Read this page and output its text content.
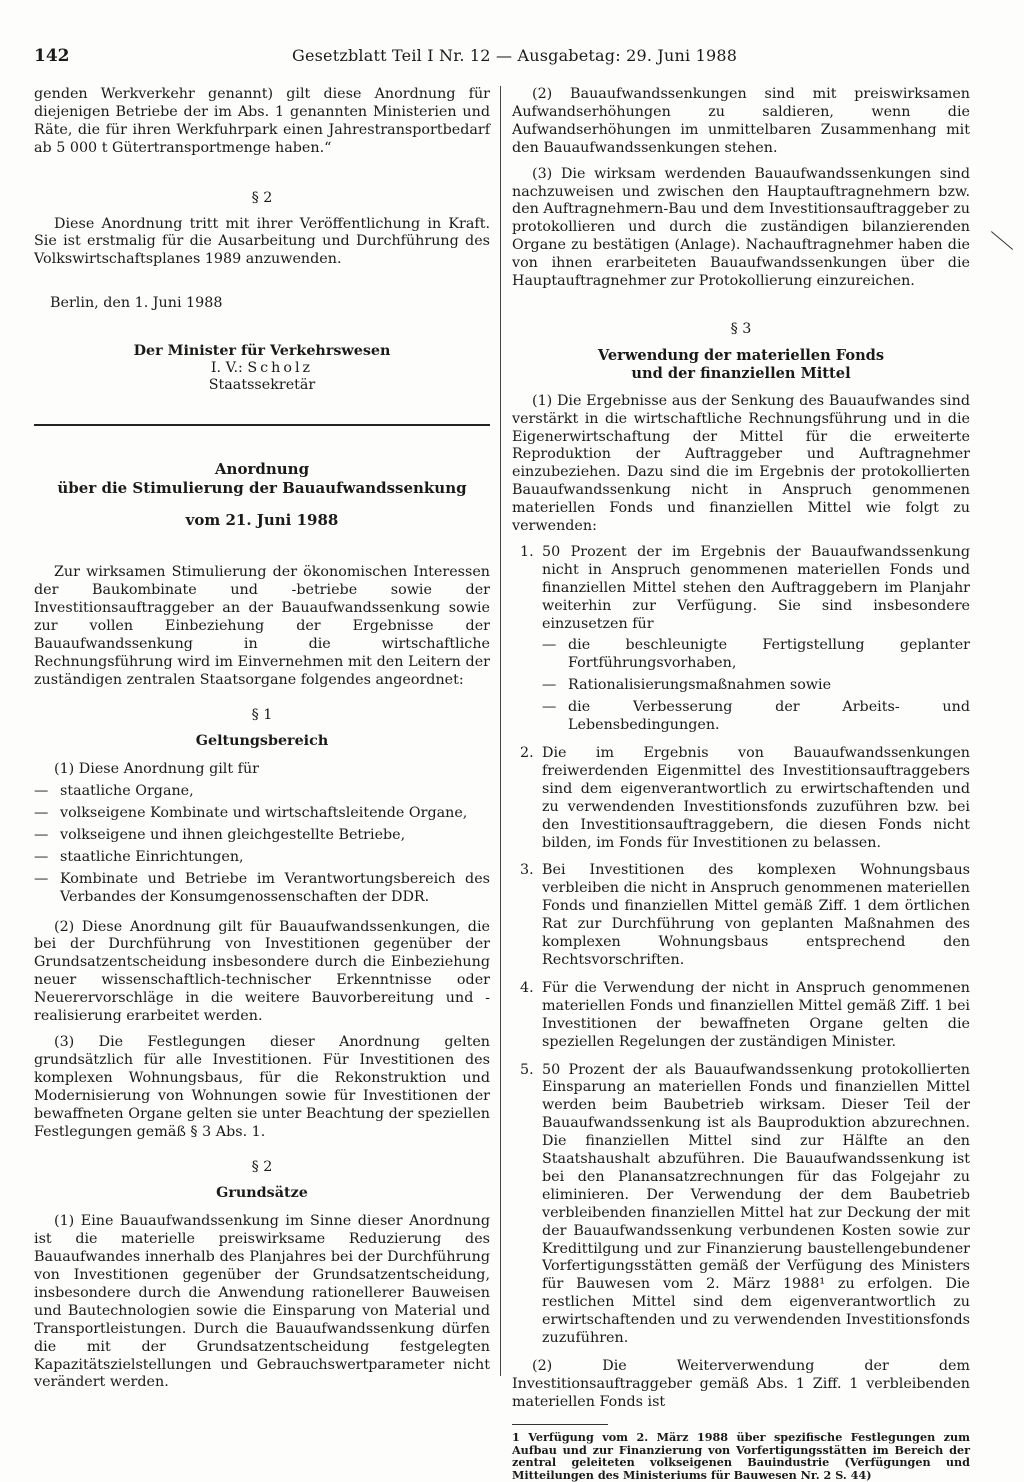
142	Gesetzblatt Teil I Nr. 12 — Ausgabetag: 29. Juni 1988

genden Werkverkehr genannt) gilt diese Anordnung für diejenigen Betriebe der im Abs. 1 genannten Ministerien und Räte, die für ihren Werkfuhrpark einen Jahrestransportbedarf ab 5 000 t Gütertransportmenge haben.“

§ 2

Diese Anordnung tritt mit ihrer Veröffentlichung in Kraft. Sie ist erstmalig für die Ausarbeitung und Durchführung des Volkswirtschaftsplanes 1989 anzuwenden.

Berlin, den 1. Juni 1988

Der Minister für Verkehrswesen

I. V.: Scholz

Staatssekretär

Anordnung

über die Stimulierung der Bauaufwandssenkung

vom 21. Juni 1988

Zur wirksamen Stimulierung der ökonomischen Interessen der Baukombinate und -betriebe sowie der Investitionsauftraggeber an der Bauaufwandssenkung sowie zur vollen Einbeziehung der Ergebnisse der Bauaufwandssenkung in die wirtschaftliche Rechnungsführung wird im Einvernehmen mit den Leitern der zuständigen zentralen Staatsorgane folgendes angeordnet:

§ 1

Geltungsbereich

(1) Diese Anordnung gilt für

— staatliche Organe,
— volkseigene Kombinate und wirtschaftsleitende Organe,
— volkseigene und ihnen gleichgestellte Betriebe,
— staatliche Einrichtungen,
— Kombinate und Betriebe im Verantwortungsbereich des Verbandes der Konsumgenossenschaften der DDR.

(2) Diese Anordnung gilt für Bauaufwandssenkungen, die bei der Durchführung von Investitionen gegenüber der Grundsatzentscheidung insbesondere durch die Einbeziehung neuer wissenschaftlich-technischer Erkenntnisse oder Neuerervorschläge in die weitere Bauvorbereitung und -realisierung erarbeitet werden.

(3) Die Festlegungen dieser Anordnung gelten grundsätzlich für alle Investitionen. Für Investitionen des komplexen Wohnungsbaus, für die Rekonstruktion und Modernisierung von Wohnungen sowie für Investitionen der bewaffneten Organe gelten sie unter Beachtung der speziellen Festlegungen gemäß § 3 Abs. 1.

§ 2

Grundsätze

(1) Eine Bauaufwandssenkung im Sinne dieser Anordnung ist die materielle preiswirksame Reduzierung des Bauaufwandes innerhalb des Planjahres bei der Durchführung von Investitionen gegenüber der Grundsatzentscheidung, insbesondere durch die Anwendung rationellerer Bauweisen und Bautechnologien sowie die Einsparung von Material und Transportleistungen. Durch die Bauaufwandssenkung dürfen die mit der Grundsatzentscheidung festgelegten Kapazitätszielstellungen und Gebrauchswertparameter nicht verändert werden.

(2) Bauaufwandssenkungen sind mit preiswirksamen Aufwandserhöhungen zu saldieren, wenn die Aufwandserhöhungen im unmittelbaren Zusammenhang mit den Bauaufwandssenkungen stehen.

(3) Die wirksam werdenden Bauaufwandssenkungen sind nachzuweisen und zwischen den Hauptauftragnehmern bzw. den Auftragnehmern-Bau und dem Investitionsauftraggeber zu protokollieren und durch die zuständigen bilanzierenden Organe zu bestätigen (Anlage). Nachauftragnehmer haben die von ihnen erarbeiteten Bauaufwandssenkungen über die Hauptauftragnehmer zur Protokollierung einzureichen.

§ 3

Verwendung der materiellen Fonds

und der finanziellen Mittel

(1) Die Ergebnisse aus der Senkung des Bauaufwandes sind verstärkt in die wirtschaftliche Rechnungsführung und in die Eigenerwirtschaftung der Mittel für die erweiterte Reproduktion der Auftraggeber und Auftragnehmer einzubeziehen. Dazu sind die im Ergebnis der protokollierten Bauaufwandssenkung nicht in Anspruch genommenen materiellen Fonds und finanziellen Mittel wie folgt zu verwenden:

1. 50 Prozent der im Ergebnis der Bauaufwandssenkung nicht in Anspruch genommenen materiellen Fonds und finanziellen Mittel stehen den Auftraggebern im Planjahr weiterhin zur Verfügung. Sie sind insbesondere einzusetzen für
— die beschleunigte Fertigstellung geplanter Fortführungsvorhaben,
— Rationalisierungsmaßnahmen sowie
— die Verbesserung der Arbeits- und Lebensbedingungen.
2. Die im Ergebnis von Bauaufwandssenkungen freiwerdenden Eigenmittel des Investitionsauftraggebers sind dem eigenverantwortlich zu erwirtschaftenden und zu verwendenden Investitionsfonds zuzuführen bzw. bei den Investitionsauftraggebern, die diesen Fonds nicht bilden, im Fonds für Investitionen zu belassen.
3. Bei Investitionen des komplexen Wohnungsbaus verbleiben die nicht in Anspruch genommenen materiellen Fonds und finanziellen Mittel gemäß Ziff. 1 dem örtlichen Rat zur Durchführung von geplanten Maßnahmen des komplexen Wohnungsbaus entsprechend den Rechtsvorschriften.
4. Für die Verwendung der nicht in Anspruch genommenen materiellen Fonds und finanziellen Mittel gemäß Ziff. 1 bei Investitionen der bewaffneten Organe gelten die speziellen Regelungen der zuständigen Minister.
5. 50 Prozent der als Bauaufwandssenkung protokollierten Einsparung an materiellen Fonds und finanziellen Mittel werden beim Baubetrieb wirksam. Dieser Teil der Bauaufwandssenkung ist als Bauproduktion abzurechnen. Die finanziellen Mittel sind zur Hälfte an den Staatshaushalt abzuführen. Die Bauaufwandssenkung ist bei den Planansatzrechnungen für das Folgejahr zu eliminieren. Der Verwendung der dem Baubetrieb verbleibenden finanziellen Mittel hat zur Deckung der mit der Bauaufwandssenkung verbundenen Kosten sowie zur Kredittilgung und zur Finanzierung baustellengebundener Vorfertigungsstätten gemäß der Verfügung des Ministers für Bauwesen vom 2. März 1988¹ zu erfolgen. Die restlichen Mittel sind dem eigenverantwortlich zu erwirtschaftenden und zu verwendenden Investitionsfonds zuzuführen.

(2) Die Weiterverwendung der dem Investitionsauftraggeber gemäß Abs. 1 Ziff. 1 verbleibenden materiellen Fonds ist

1 Verfügung vom 2. März 1988 über spezifische Festlegungen zum Aufbau und zur Finanzierung von Vorfertigungsstätten im Bereich der zentral geleiteten volkseigenen Bauindustrie (Verfügungen und Mitteilungen des Ministeriums für Bauwesen Nr. 2 S. 44)
